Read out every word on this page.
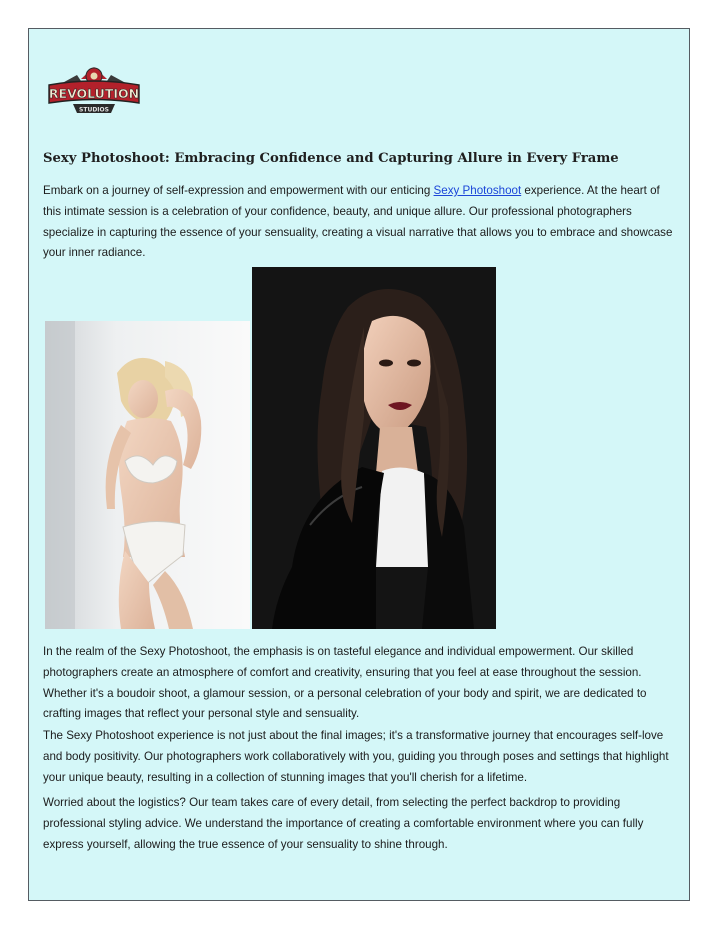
REVOLUTION
STUDIOS
Sexy Photoshoot: Embracing Confidence and Capturing Allure in Every Frame

Embark on a journey of self-expression and empowerment with our enticing Sexy Photoshoot experience. At the heart of this intimate session is a celebration of your confidence, beauty, and unique allure. Our professional photographers specialize in capturing the essence of your sensuality, creating a visual narrative that allows you to embrace and showcase your inner radiance.

In the realm of the Sexy Photoshoot, the emphasis is on tasteful elegance and individual empowerment. Our skilled photographers create an atmosphere of comfort and creativity, ensuring that you feel at ease throughout the session. Whether it's a boudoir shoot, a glamour session, or a personal celebration of your body and spirit, we are dedicated to crafting images that reflect your personal style and sensuality.

The Sexy Photoshoot experience is not just about the final images; it's a transformative journey that encourages self-love and body positivity. Our photographers work collaboratively with you, guiding you through poses and settings that highlight your unique beauty, resulting in a collection of stunning images that you'll cherish for a lifetime.

Worried about the logistics? Our team takes care of every detail, from selecting the perfect backdrop to providing professional styling advice. We understand the importance of creating a comfortable environment where you can fully express yourself, allowing the true essence of your sensuality to shine through.
